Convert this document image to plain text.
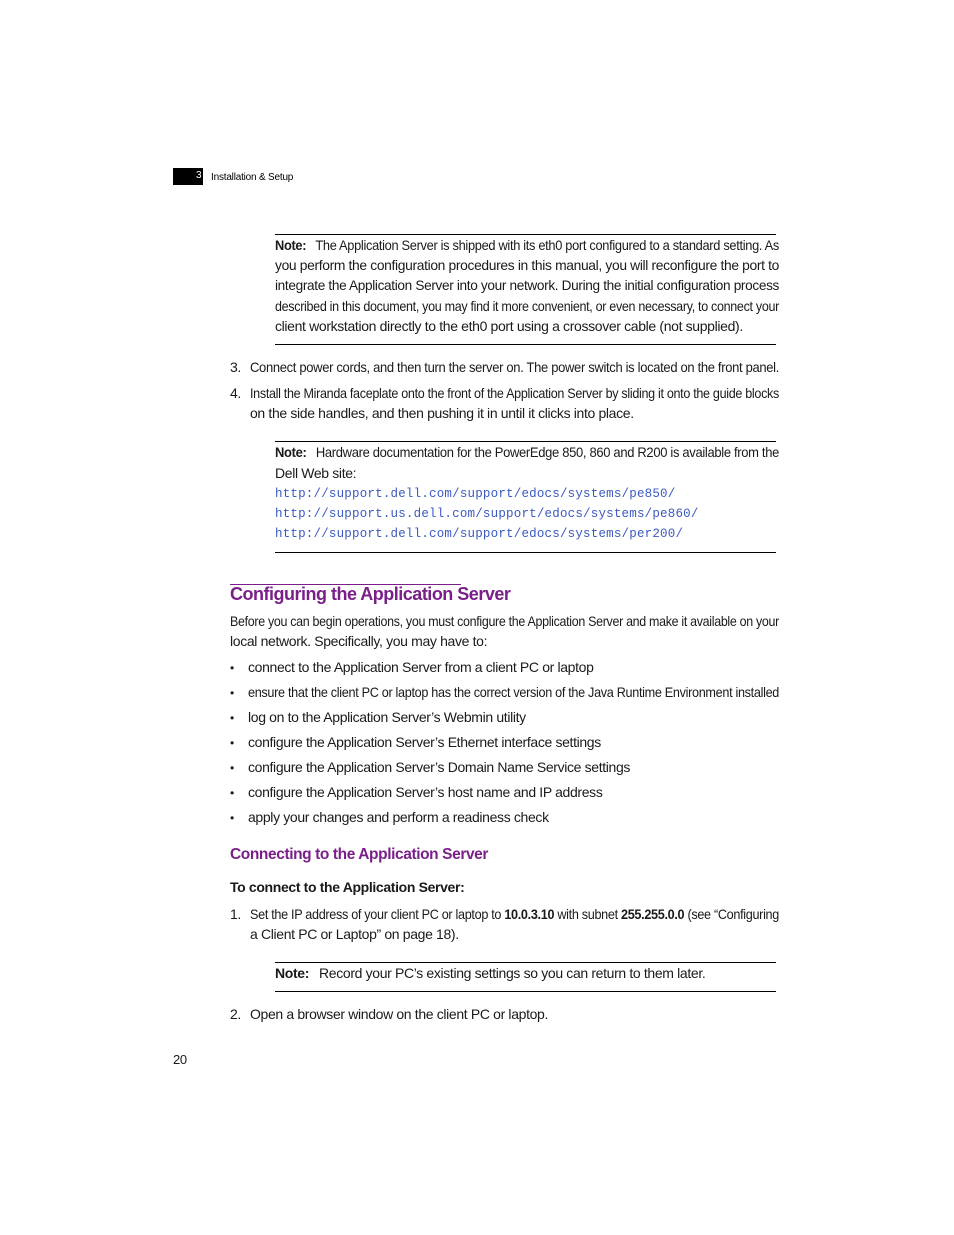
3 Installation & Setup
Note: The Application Server is shipped with its eth0 port configured to a standard setting. As
you perform the configuration procedures in this manual, you will reconfigure the port to
integrate the Application Server into your network. During the initial configuration process
described in this document, you may find it more convenient, or even necessary, to connect your
client workstation directly to the eth0 port using a crossover cable (not supplied).
3. Connect power cords, and then turn the server on. The power switch is located on the front panel.
4. Install the Miranda faceplate onto the front of the Application Server by sliding it onto the guide blocks
on the side handles, and then pushing it in until it clicks into place.
Note: Hardware documentation for the PowerEdge 850, 860 and R200 is available from the
Dell Web site:
http://support.dell.com/support/edocs/systems/pe850/
http://support.us.dell.com/support/edocs/systems/pe860/
http://support.dell.com/support/edocs/systems/per200/
Configuring the Application Server
Before you can begin operations, you must configure the Application Server and make it available on your
local network. Specifically, you may have to:
• connect to the Application Server from a client PC or laptop
• ensure that the client PC or laptop has the correct version of the Java Runtime Environment installed
• log on to the Application Server’s Webmin utility
• configure the Application Server’s Ethernet interface settings
• configure the Application Server’s Domain Name Service settings
• configure the Application Server’s host name and IP address
• apply your changes and perform a readiness check
Connecting to the Application Server
To connect to the Application Server:
1. Set the IP address of your client PC or laptop to 10.0.3.10 with subnet 255.255.0.0 (see “Configuring
a Client PC or Laptop” on page 18).
Note: Record your PC’s existing settings so you can return to them later.
2. Open a browser window on the client PC or laptop.
20
